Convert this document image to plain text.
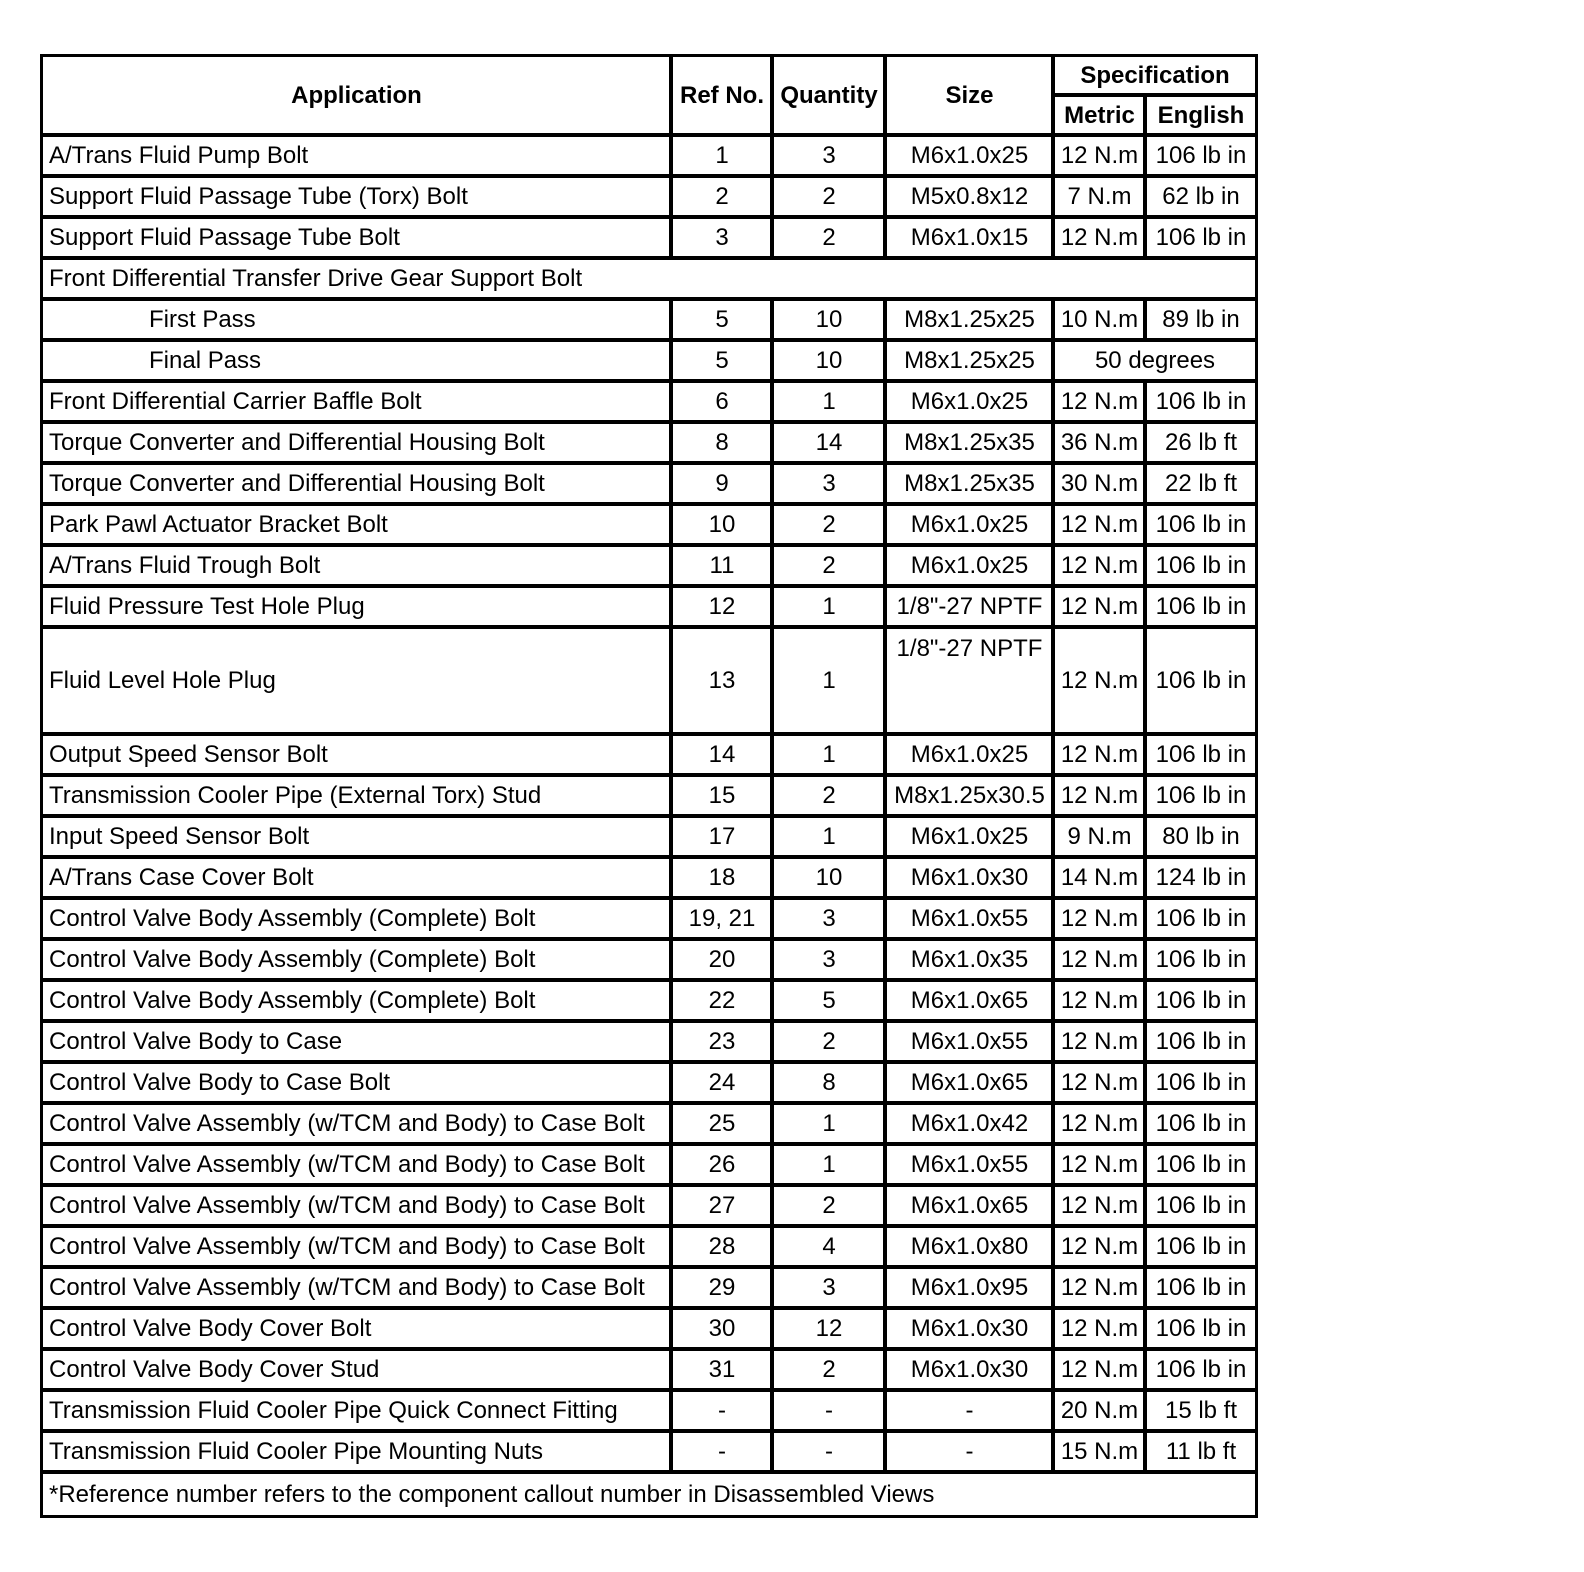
Application	Ref No.	Quantity	Size	Specification	
				Metric	English
A/Trans Fluid Pump Bolt	1	3	M6x1.0x25	12 N.m	106 lb in
Support Fluid Passage Tube (Torx) Bolt	2	2	M5x0.8x12	7 N.m	62 lb in
Support Fluid Passage Tube Bolt	3	2	M6x1.0x15	12 N.m	106 lb in
Front Differential Transfer Drive Gear Support Bolt					
First Pass	5	10	M8x1.25x25	10 N.m	89 lb in
Final Pass	5	10	M8x1.25x25	50 degrees	
Front Differential Carrier Baffle Bolt	6	1	M6x1.0x25	12 N.m	106 lb in
Torque Converter and Differential Housing Bolt	8	14	M8x1.25x35	36 N.m	26 lb ft
Torque Converter and Differential Housing Bolt	9	3	M8x1.25x35	30 N.m	22 lb ft
Park Pawl Actuator Bracket Bolt	10	2	M6x1.0x25	12 N.m	106 lb in
A/Trans Fluid Trough Bolt	11	2	M6x1.0x25	12 N.m	106 lb in
Fluid Pressure Test Hole Plug	12	1	1/8"-27 NPTF	12 N.m	106 lb in
Fluid Level Hole Plug	13	1	1/8"-27 NPTF	12 N.m	106 lb in
Output Speed Sensor Bolt	14	1	M6x1.0x25	12 N.m	106 lb in
Transmission Cooler Pipe (External Torx) Stud	15	2	M8x1.25x30.5	12 N.m	106 lb in
Input Speed Sensor Bolt	17	1	M6x1.0x25	9 N.m	80 lb in
A/Trans Case Cover Bolt	18	10	M6x1.0x30	14 N.m	124 lb in
Control Valve Body Assembly (Complete) Bolt	19, 21	3	M6x1.0x55	12 N.m	106 lb in
Control Valve Body Assembly (Complete) Bolt	20	3	M6x1.0x35	12 N.m	106 lb in
Control Valve Body Assembly (Complete) Bolt	22	5	M6x1.0x65	12 N.m	106 lb in
Control Valve Body to Case	23	2	M6x1.0x55	12 N.m	106 lb in
Control Valve Body to Case Bolt	24	8	M6x1.0x65	12 N.m	106 lb in
Control Valve Assembly (w/TCM and Body) to Case Bolt	25	1	M6x1.0x42	12 N.m	106 lb in
Control Valve Assembly (w/TCM and Body) to Case Bolt	26	1	M6x1.0x55	12 N.m	106 lb in
Control Valve Assembly (w/TCM and Body) to Case Bolt	27	2	M6x1.0x65	12 N.m	106 lb in
Control Valve Assembly (w/TCM and Body) to Case Bolt	28	4	M6x1.0x80	12 N.m	106 lb in
Control Valve Assembly (w/TCM and Body) to Case Bolt	29	3	M6x1.0x95	12 N.m	106 lb in
Control Valve Body Cover Bolt	30	12	M6x1.0x30	12 N.m	106 lb in
Control Valve Body Cover Stud	31	2	M6x1.0x30	12 N.m	106 lb in
Transmission Fluid Cooler Pipe Quick Connect Fitting	-	-	-	20 N.m	15 lb ft
Transmission Fluid Cooler Pipe Mounting Nuts	-	-	-	15 N.m	11 lb ft
*Reference number refers to the component callout number in Disassembled Views					
